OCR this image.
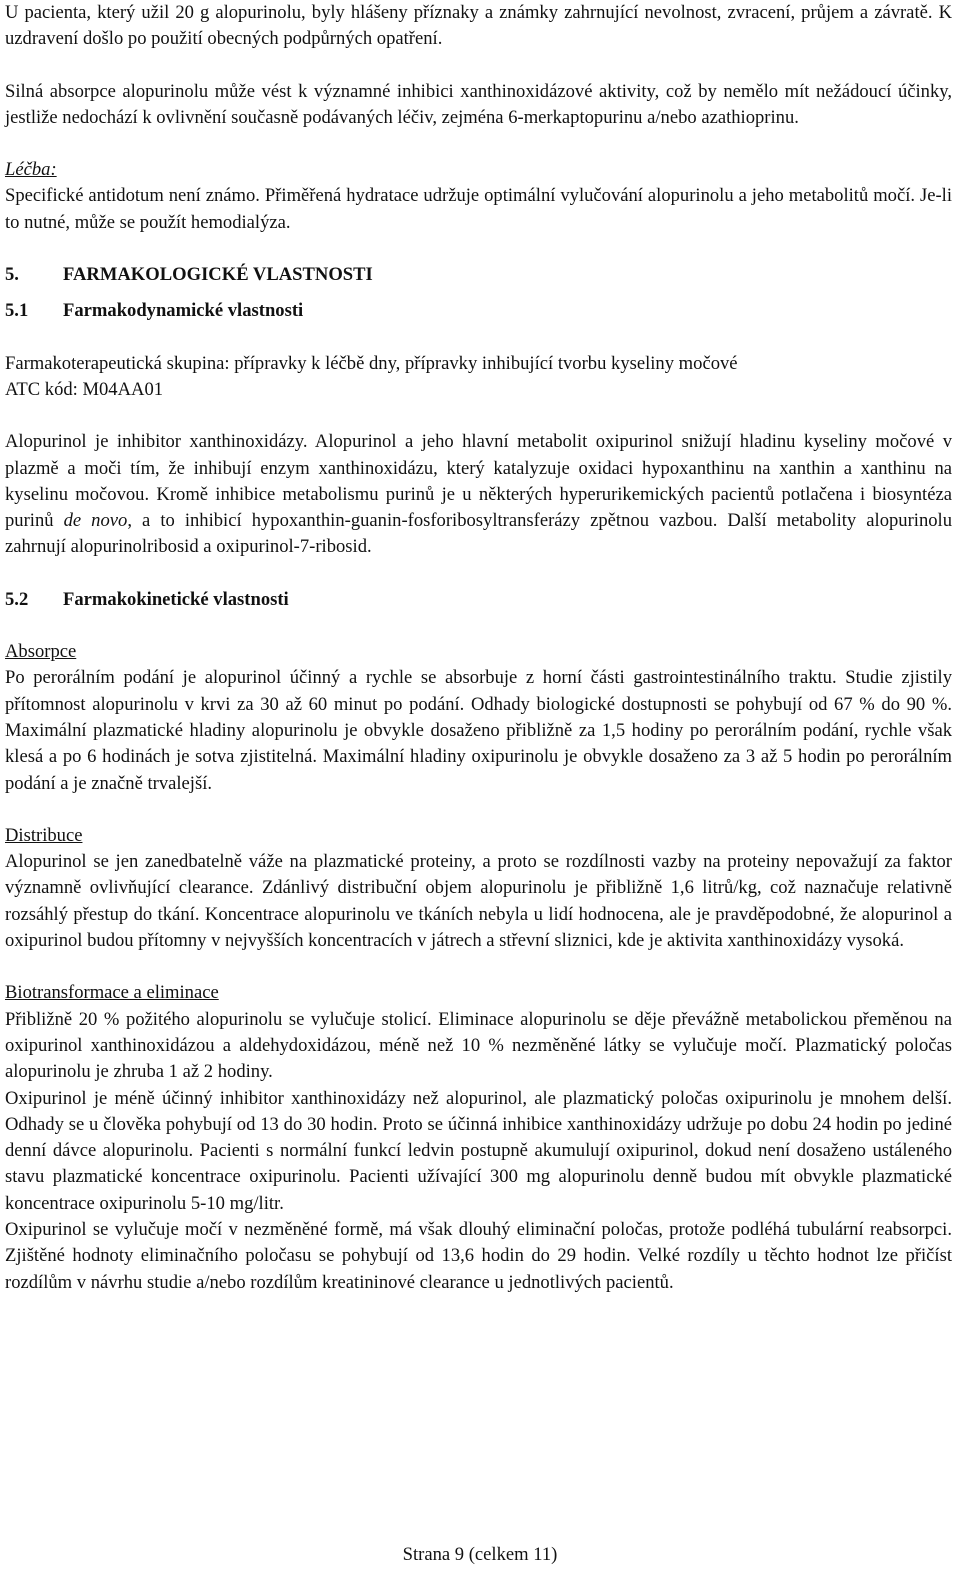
U pacienta, který užil 20 g alopurinolu, byly hlášeny příznaky a známky zahrnující nevolnost, zvracení, průjem a závratě. K uzdravení došlo po použití obecných podpůrných opatření.

Silná absorpce alopurinolu může vést k významné inhibici xanthinoxidázové aktivity, což by nemělo mít nežádoucí účinky, jestliže nedochází k ovlivnění současně podávaných léčiv, zejména 6-merkaptopurinu a/nebo azathioprinu.

Léčba:

Specifické antidotum není známo. Přiměřená hydratace udržuje optimální vylučování alopurinolu a jeho metabolitů močí. Je-li to nutné, může se použít hemodialýza.

5.	FARMAKOLOGICKÉ VLASTNOSTI
5.1	Farmakodynamické vlastnosti

Farmakoterapeutická skupina: přípravky k léčbě dny, přípravky inhibující tvorbu kyseliny močové

ATC kód: M04AA01

Alopurinol je inhibitor xanthinoxidázy. Alopurinol a jeho hlavní metabolit oxipurinol snižují hladinu kyseliny močové v plazmě a moči tím, že inhibují enzym xanthinoxidázu, který katalyzuje oxidaci hypoxanthinu na xanthin a xanthinu na kyselinu močovou. Kromě inhibice metabolismu purinů je u některých hyperurikemických pacientů potlačena i biosyntéza purinů de novo, a to inhibicí hypoxanthin-guanin-fosforibosyltransferázy zpětnou vazbou. Další metabolity alopurinolu zahrnují alopurinolribosid a oxipurinol-7-ribosid.

5.2	Farmakokinetické vlastnosti

Absorpce

Po perorálním podání je alopurinol účinný a rychle se absorbuje z horní části gastrointestinálního traktu. Studie zjistily přítomnost alopurinolu v krvi za 30 až 60 minut po podání. Odhady biologické dostupnosti se pohybují od 67 % do 90 %. Maximální plazmatické hladiny alopurinolu je obvykle dosaženo přibližně za 1,5 hodiny po perorálním podání, rychle však klesá a po 6 hodinách je sotva zjistitelná. Maximální hladiny oxipurinolu je obvykle dosaženo za 3 až 5 hodin po perorálním podání a je značně trvalejší.

Distribuce

Alopurinol se jen zanedbatelně váže na plazmatické proteiny, a proto se rozdílnosti vazby na proteiny nepovažují za faktor významně ovlivňující clearance. Zdánlivý distribuční objem alopurinolu je přibližně 1,6 litrů/kg, což naznačuje relativně rozsáhlý přestup do tkání. Koncentrace alopurinolu ve tkáních nebyla u lidí hodnocena, ale je pravděpodobné, že alopurinol a oxipurinol budou přítomny v nejvyšších koncentracích v játrech a střevní sliznici, kde je aktivita xanthinoxidázy vysoká.

Biotransformace a eliminace

Přibližně 20 % požitého alopurinolu se vylučuje stolicí. Eliminace alopurinolu se děje převážně metabolickou přeměnou na oxipurinol xanthinoxidázou a aldehydoxidázou, méně než 10 % nezměněné látky se vylučuje močí. Plazmatický poločas alopurinolu je zhruba 1 až 2 hodiny.

Oxipurinol je méně účinný inhibitor xanthinoxidázy než alopurinol, ale plazmatický poločas oxipurinolu je mnohem delší. Odhady se u člověka pohybují od 13 do 30 hodin. Proto se účinná inhibice xanthinoxidázy udržuje po dobu 24 hodin po jediné denní dávce alopurinolu. Pacienti s normální funkcí ledvin postupně akumulují oxipurinol, dokud není dosaženo ustáleného stavu plazmatické koncentrace oxipurinolu. Pacienti užívající 300 mg alopurinolu denně budou mít obvykle plazmatické koncentrace oxipurinolu 5-10 mg/litr.

Oxipurinol se vylučuje močí v nezměněné formě, má však dlouhý eliminační poločas, protože podléhá tubulární reabsorpci. Zjištěné hodnoty eliminačního poločasu se pohybují od 13,6 hodin do 29 hodin. Velké rozdíly u těchto hodnot lze přičíst rozdílům v návrhu studie a/nebo rozdílům kreatininové clearance u jednotlivých pacientů.

Strana 9 (celkem 11)
